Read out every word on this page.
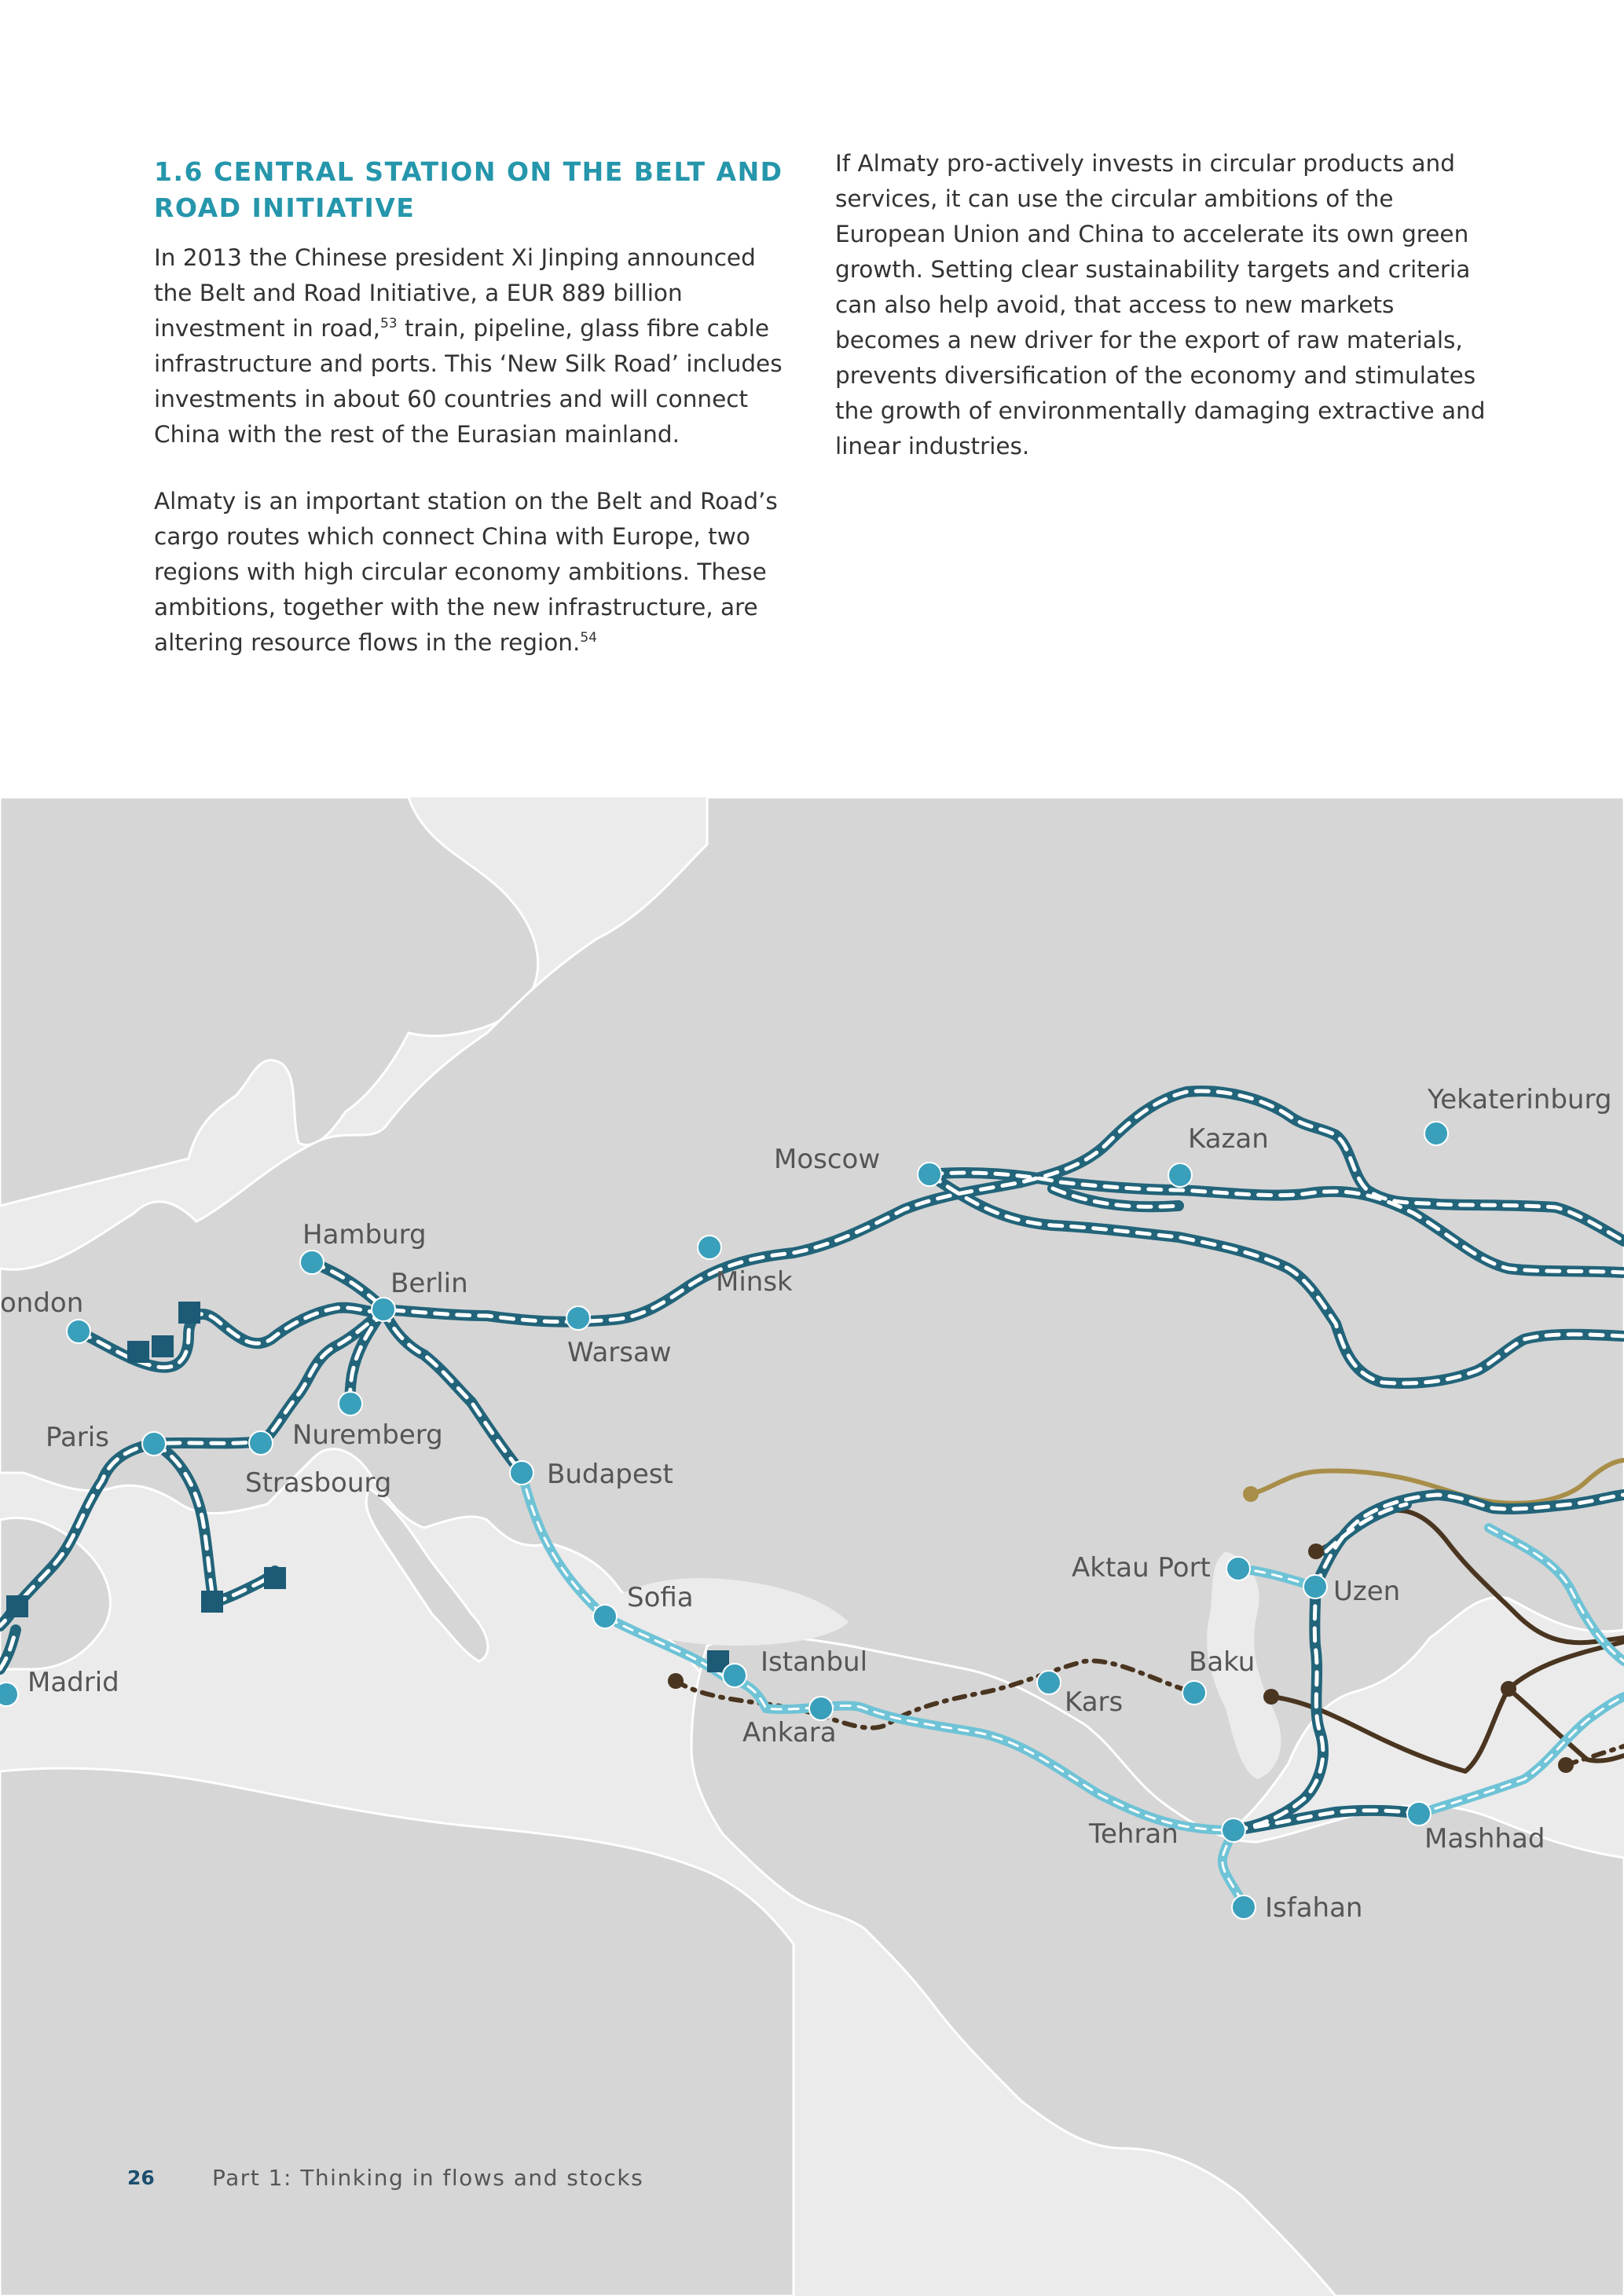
1.6 CENTRAL STATION ON THE BELT AND ROAD INITIATIVE

In 2013 the Chinese president Xi Jinping announced the Belt and Road Initiative, a EUR 889 billion investment in road,$^{53}$ train, pipeline, glass fibre cable infrastructure and ports. This ‘New Silk Road’ includes investments in about 60 countries and will connect China with the rest of the Eurasian mainland.

Almaty is an important station on the Belt and Road’s cargo routes which connect China with Europe, two regions with high circular economy ambitions. These ambitions, together with the new infrastructure, are altering resource flows in the region.$^{54}$

If Almaty pro-actively invests in circular products and services, it can use the circular ambitions of the European Union and China to accelerate its own green growth. Setting clear sustainability targets and criteria can also help avoid, that access to new markets becomes a new driver for the export of raw materials, prevents diversification of the economy and stimulates the growth of environmentally damaging extractive and linear industries.

ondon
Hamburg
Berlin
Warsaw
Minsk
Moscow
Kazan
Yekaterinburg
Paris	Nuremberg
Strasbourg	Budapest
Sofia
Istanbul
Ankara
Kars
Baku
Aktau Port
Uzen
Tehran	Mashhad
Isfahan
Madrid
26	Part 1: Thinking in flows and stocks
